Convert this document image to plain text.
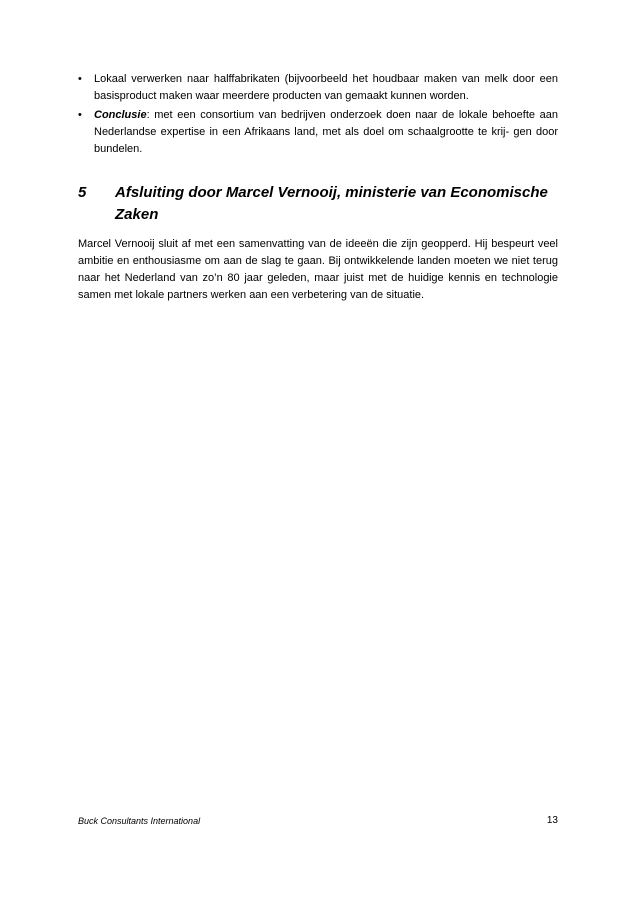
• Lokaal verwerken naar halffabrikaten (bijvoorbeeld het houdbaar maken van melk door een basisproduct maken waar meerdere producten van gemaakt kunnen worden.
• Conclusie: met een consortium van bedrijven onderzoek doen naar de lokale behoefte aan Nederlandse expertise in een Afrikaans land, met als doel om schaalgrootte te krij- gen door bundelen.
5 Afsluiting door Marcel Vernooij, ministerie van Economische Zaken

Marcel Vernooij sluit af met een samenvatting van de ideeën die zijn geopperd. Hij bespeurt veel ambitie en enthousiasme om aan de slag te gaan. Bij ontwikkelende landen moeten we niet terug naar het Nederland van zo’n 80 jaar geleden, maar juist met de huidige kennis en technologie samen met lokale partners werken aan een verbetering van de situatie.

Buck Consultants International	13
